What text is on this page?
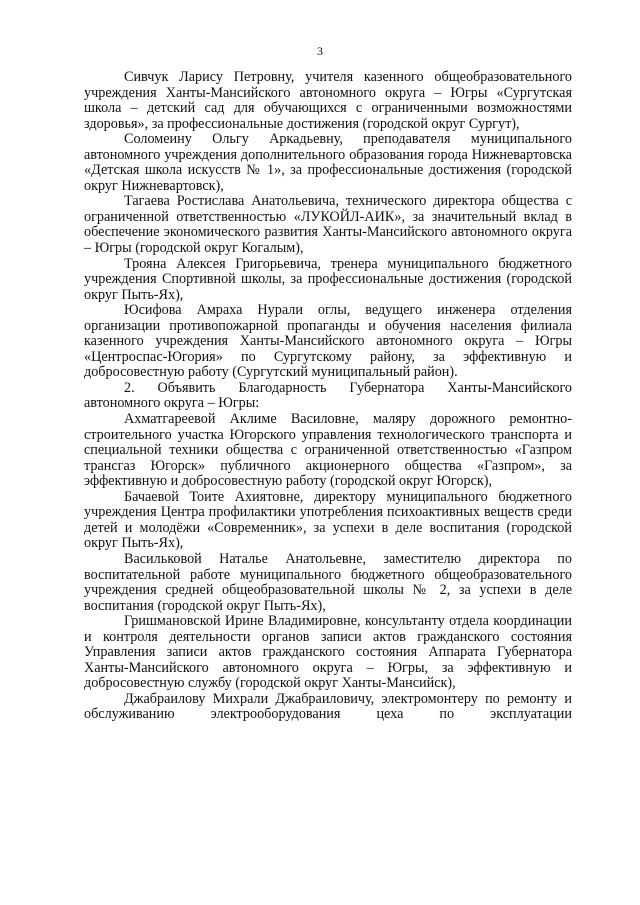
3

Сивчук Ларису Петровну, учителя казенного общеобразовательного учреждения Ханты-Мансийского автономного округа – Югры «Сургутская школа – детский сад для обучающихся с ограниченными возможностями здоровья», за профессиональные достижения (городской округ Сургут),

Соломеину Ольгу Аркадьевну, преподавателя муниципального автономного учреждения дополнительного образования города Нижневартовска «Детская школа искусств № 1», за профессиональные достижения (городской округ Нижневартовск),

Тагаева Ростислава Анатольевича, технического директора общества с ограниченной ответственностью «ЛУКОЙЛ-АИК», за значительный вклад в обеспечение экономического развития Ханты-Мансийского автономного округа – Югры (городской округ Когалым),

Трояна Алексея Григорьевича, тренера муниципального бюджетного учреждения Спортивной школы, за профессиональные достижения (городской округ Пыть-Ях),

Юсифова Амраха Нурали оглы, ведущего инженера отделения организации противопожарной пропаганды и обучения населения филиала казенного учреждения Ханты-Мансийского автономного округа – Югры «Центроспас-Югория» по Сургутскому району, за эффективную и добросовестную работу (Сургутский муниципальный район).

2. Объявить Благодарность Губернатора Ханты-Мансийского автономного округа – Югры:

Ахматгареевой Аклиме Василовне, маляру дорожного ремонтно-строительного участка Югорского управления технологического транспорта и специальной техники общества с ограниченной ответственностью «Газпром трансгаз Югорск» публичного акционерного общества «Газпром», за эффективную и добросовестную работу (городской округ Югорск),

Бачаевой Тоите Ахиятовне, директору муниципального бюджетного учреждения Центра профилактики употребления психоактивных веществ среди детей и молодёжи «Современник», за успехи в деле воспитания (городской округ Пыть-Ях),

Васильковой Наталье Анатольевне, заместителю директора по воспитательной работе муниципального бюджетного общеобразовательного учреждения средней общеобразовательной школы № 2, за успехи в деле воспитания (городской округ Пыть-Ях),

Гришмановской Ирине Владимировне, консультанту отдела координации и контроля деятельности органов записи актов гражданского состояния Управления записи актов гражданского состояния Аппарата Губернатора Ханты-Мансийского автономного округа – Югры, за эффективную и добросовестную службу (городской округ Ханты-Мансийск),

Джабраилову Михрали Джабраиловичу, электромонтеру по ремонту и обслуживанию электрооборудования цеха по эксплуатации
